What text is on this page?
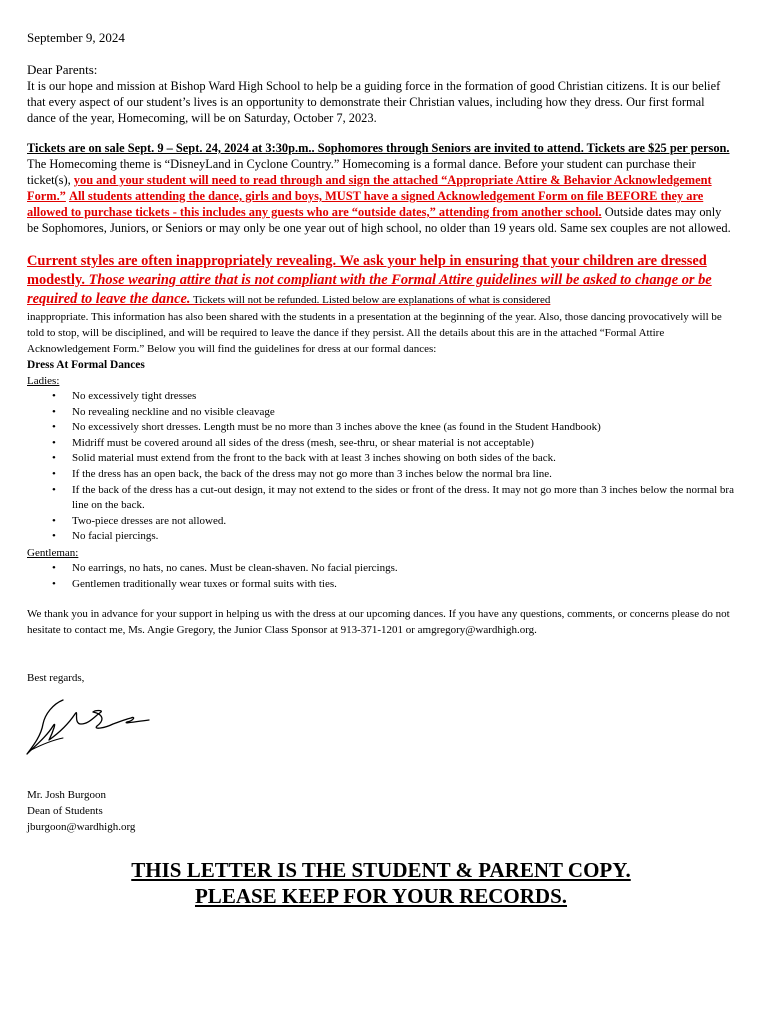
September 9, 2024
Dear Parents:
It is our hope and mission at Bishop Ward High School to help be a guiding force in the formation of good Christian citizens. It is our belief that every aspect of our student’s lives is an opportunity to demonstrate their Christian values, including how they dress. Our first formal dance of the year, Homecoming, will be on Saturday, October 7, 2023.
Tickets are on sale Sept. 9 – Sept. 24, 2024 at 3:30p.m.. Sophomores through Seniors are invited to attend. Tickets are $25 per person. The Homecoming theme is “DisneyLand in Cyclone Country.” Homecoming is a formal dance. Before your student can purchase their ticket(s), you and your student will need to read through and sign the attached “Appropriate Attire & Behavior Acknowledgement Form.” All students attending the dance, girls and boys, MUST have a signed Acknowledgement Form on file BEFORE they are allowed to purchase tickets - this includes any guests who are “outside dates,” attending from another school. Outside dates may only be Sophomores, Juniors, or Seniors or may only be one year out of high school, no older than 19 years old. Same sex couples are not allowed.
Current styles are often inappropriately revealing. We ask your help in ensuring that your children are dressed modestly. Those wearing attire that is not compliant with the Formal Attire guidelines will be asked to change or be required to leave the dance. Tickets will not be refunded. Listed below are explanations of what is considered
inappropriate. This information has also been shared with the students in a presentation at the beginning of the year. Also, those dancing provocatively will be told to stop, will be disciplined, and will be required to leave the dance if they persist. All the details about this are in the attached “Formal Attire Acknowledgement Form.” Below you will find the guidelines for dress at our formal dances:
Dress At Formal Dances
Ladies:
• No excessively tight dresses
• No revealing neckline and no visible cleavage
• No excessively short dresses. Length must be no more than 3 inches above the knee (as found in the Student Handbook)
• Midriff must be covered around all sides of the dress (mesh, see-thru, or shear material is not acceptable)
• Solid material must extend from the front to the back with at least 3 inches showing on both sides of the back.
• If the dress has an open back, the back of the dress may not go more than 3 inches below the normal bra line.
• If the back of the dress has a cut-out design, it may not extend to the sides or front of the dress. It may not go more than 3 inches below the normal bra line on the back.
• Two-piece dresses are not allowed.
• No facial piercings.
Gentleman:
• No earrings, no hats, no canes. Must be clean-shaven. No facial piercings.
• Gentlemen traditionally wear tuxes or formal suits with ties.
We thank you in advance for your support in helping us with the dress at our upcoming dances. If you have any questions, comments, or concerns please do not hesitate to contact me, Ms. Angie Gregory, the Junior Class Sponsor at 913-371-1201 or amgregory@wardhigh.org.
Best regards,
Mr. Josh Burgoon
Dean of Students
jburgoon@wardhigh.org
THIS LETTER IS THE STUDENT & PARENT COPY.
PLEASE KEEP FOR YOUR RECORDS.
